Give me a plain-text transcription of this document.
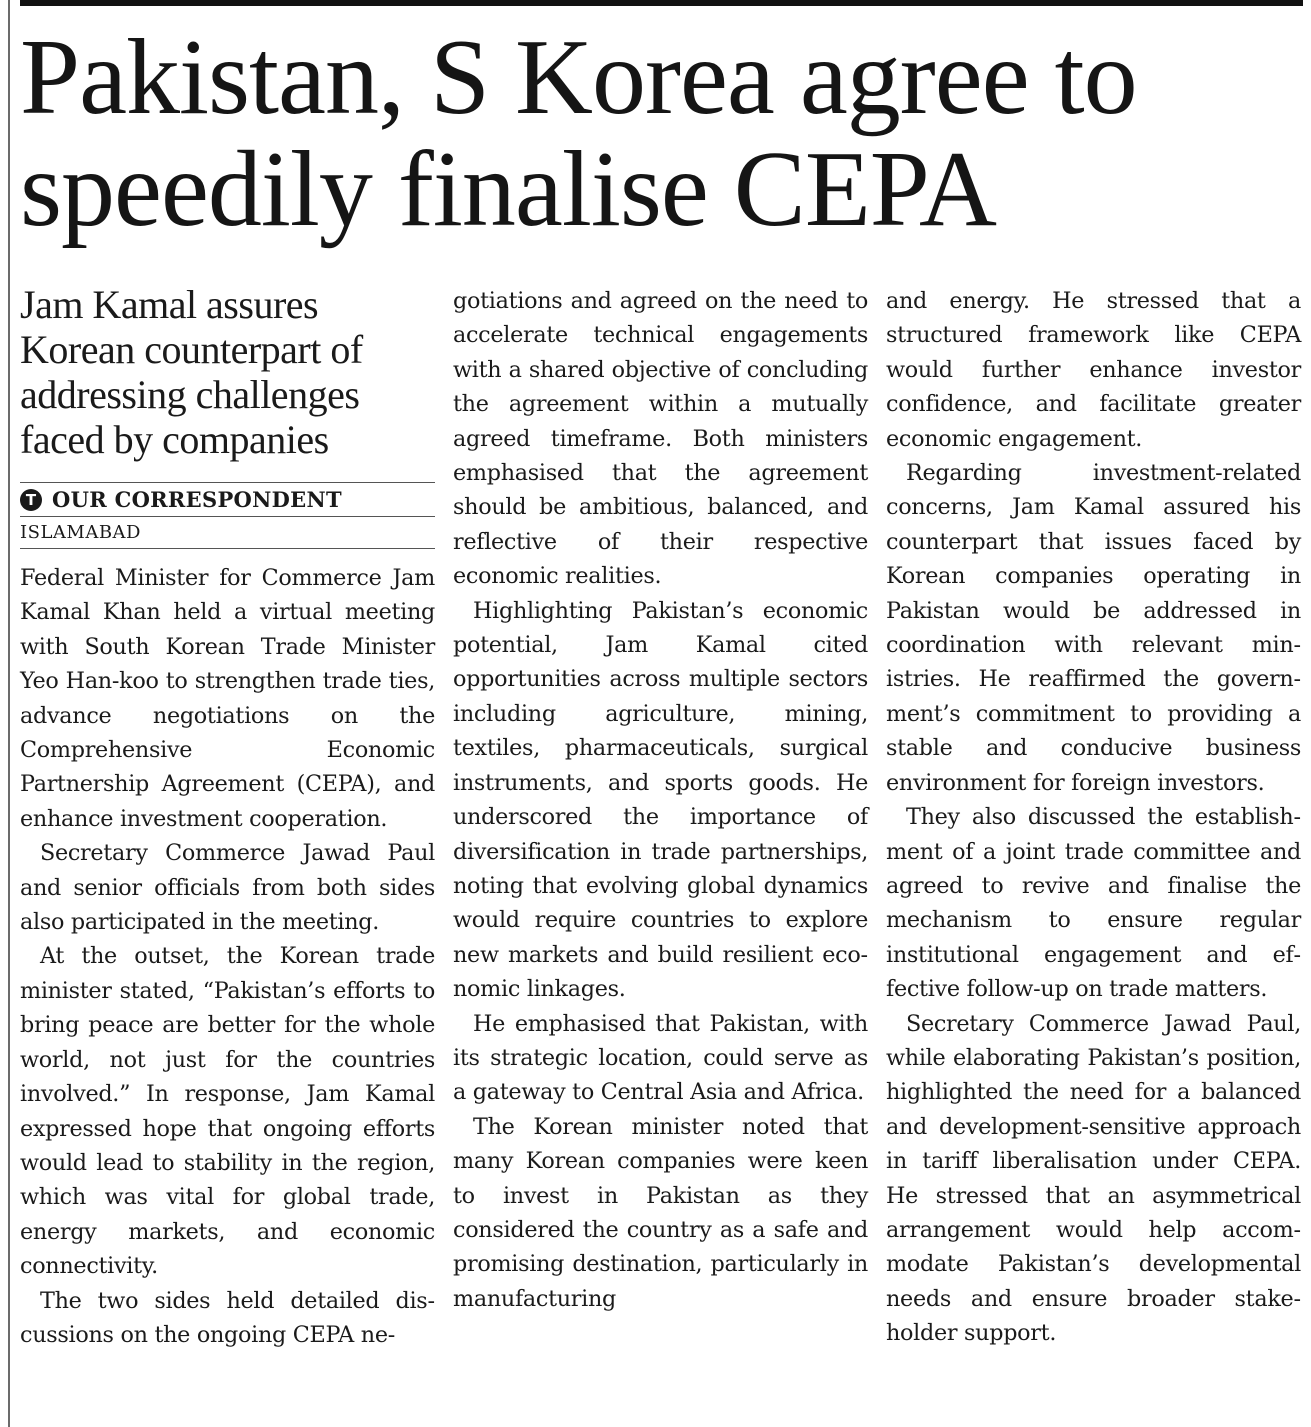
Pakistan, S Korea agree to speedily finalise CEPA
Jam Kamal assures Korean counterpart of addressing challenges faced by companies
T OUR CORRESPONDENT
ISLAMABAD

Federal Minister for Commerce Jam Kamal Khan held a virtual meeting with South Korean Trade Minister Yeo Han-koo to strengthen trade ties, advance negotiations on the Comprehensive Economic Partnership Agreement (CEPA), and enhance investment cooperation.

Secretary Commerce Jawad Paul and senior officials from both sides also participated in the meeting.

At the outset, the Korean trade minister stated, “Pakistan’s efforts to bring peace are better for the whole world, not just for the countries involved.” In response, Jam Kamal expressed hope that ongoing efforts would lead to stability in the region, which was vital for global trade, energy markets, and economic connectivity.

The two sides held detailed discussions on the ongoing CEPA ne-

gotiations and agreed on the need to accelerate technical engagements with a shared objective of concluding the agreement within a mutually agreed timeframe. Both ministers emphasised that the agreement should be ambitious, balanced, and reflective of their respective economic realities.

Highlighting Pakistan’s economic potential, Jam Kamal cited opportunities across multiple sectors including agriculture, mining, textiles, pharmaceuticals, surgical instruments, and sports goods. He underscored the importance of diversification in trade partnerships, noting that evolving global dynamics would require countries to explore new markets and build resilient economic linkages.

He emphasised that Pakistan, with its strategic location, could serve as a gateway to Central Asia and Africa.

The Korean minister noted that many Korean companies were keen to invest in Pakistan as they considered the country as a safe and promising destination, particularly in manufacturing

and energy. He stressed that a structured framework like CEPA would further enhance investor confidence, and facilitate greater economic engagement.

Regarding investment-related concerns, Jam Kamal assured his counterpart that issues faced by Korean companies operating in Pakistan would be addressed in coordination with relevant ministries. He reaffirmed the government’s commitment to providing a stable and conducive business environment for foreign investors.

They also discussed the establishment of a joint trade committee and agreed to revive and finalise the mechanism to ensure regular institutional engagement and effective follow-up on trade matters.

Secretary Commerce Jawad Paul, while elaborating Pakistan’s position, highlighted the need for a balanced and development-sensitive approach in tariff liberalisation under CEPA. He stressed that an asymmetrical arrangement would help accommodate Pakistan’s developmental needs and ensure broader stakeholder support.
